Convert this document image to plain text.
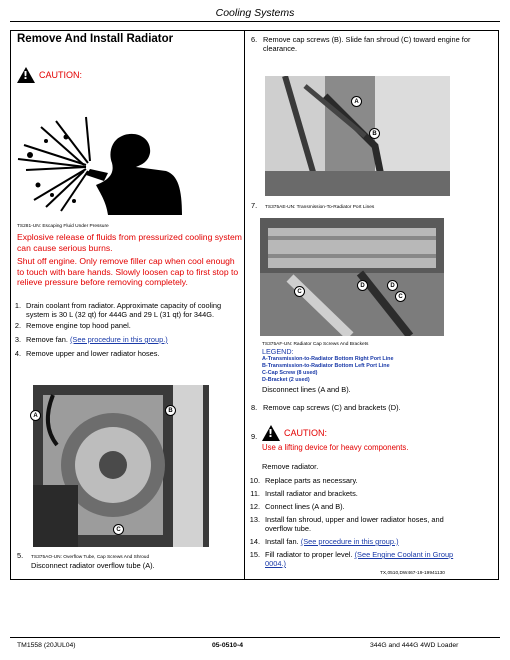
Cooling Systems
Remove And Install Radiator
!
CAUTION:
TS281-UN: Escaping Fluid Under Pressure
Explosive release of fluids from pressurized cooling system can cause serious burns.
Shut off engine. Only remove filler cap when cool enough to touch with bare hands. Slowly loosen cap to first stop to relieve pressure before removing completely.
1. Drain coolant from radiator. Approximate capacity of cooling system is 30 L (32 qt) for 444G and 29 L (31 qt) for 344G.
2. Remove engine top hood panel.
3. Remove fan. (See procedure in this group.)
4. Remove upper and lower radiator hoses.
A
B
C
5.	TS375AO-UN: Overflow Tube, Cap Screws And Shroud
Disconnect radiator overflow tube (A).
6. Remove cap screws (B). Slide fan shroud (C) toward engine for clearance.
A
B
7.	TS375AE-UN: Transmission-To-Radiator Port Lines
C
D	D
C
TS375AF-UN: Radiator Cap Screws And Brackets
LEGEND:
A-Transmission-to-Radiator Bottom Right Port Line
B-Transmission-to-Radiator Bottom Left Port Line
C-Cap Screw (8 used)
D-Bracket (2 used)
Disconnect lines (A and B).
8. Remove cap screws (C) and brackets (D).
9.
!	CAUTION:
Use a lifting device for heavy components.
Remove radiator.
10. Replace parts as necessary.
11. Install radiator and brackets.
12. Connect lines (A and B).
13. Install fan shroud, upper and lower radiator hoses, and overflow tube.
14. Install fan. (See procedure in this group.)
15. Fill radiator to proper level. (See Engine Coolant in Group 0004.)
TX,0510,DW467-19-19941130
TM1558 (20JUL04)	05-0510-4	344G and 444G 4WD Loader
